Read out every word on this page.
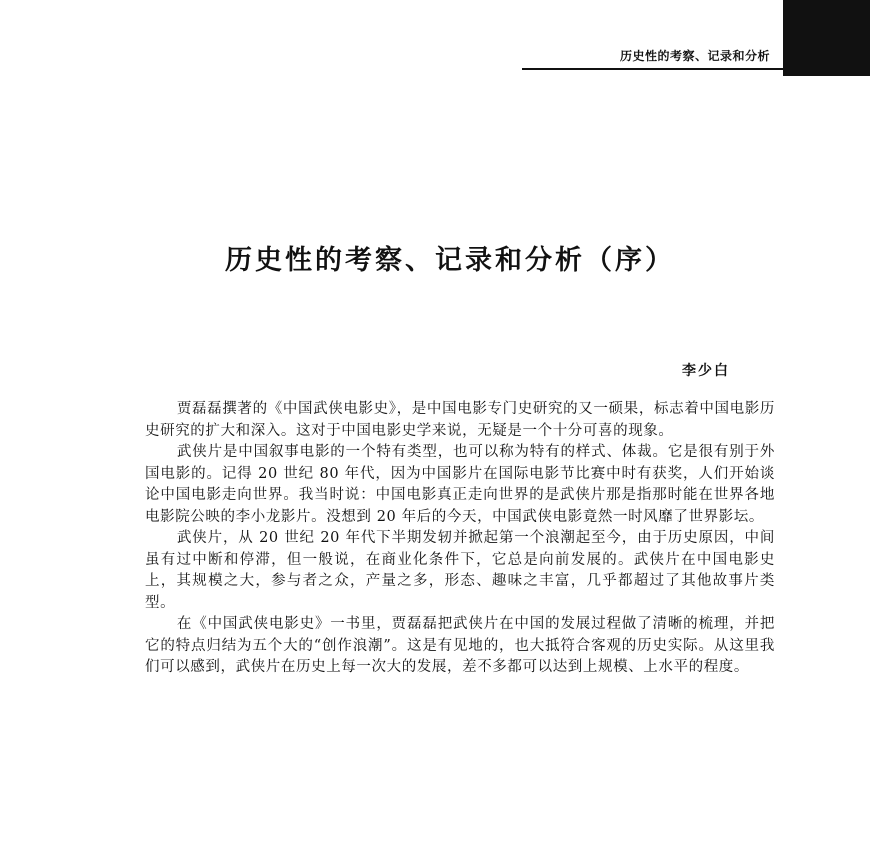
历史性的考察、记录和分析
历史性的考察、记录和分析（序）
李少白

贾磊磊撰著的《中国武侠电影史》，是中国电影专门史研究的又一硕果，标志着中国电影历史研究的扩大和深入。这对于中国电影史学来说，无疑是一个十分可喜的现象。

武侠片是中国叙事电影的一个特有类型，也可以称为特有的样式、体裁。它是很有别于外国电影的。记得 20 世纪 80 年代，因为中国影片在国际电影节比赛中时有获奖，人们开始谈论中国电影走向世界。我当时说：中国电影真正走向世界的是武侠片那是指那时能在世界各地电影院公映的李小龙影片。没想到 20 年后的今天，中国武侠电影竟然一时风靡了世界影坛。

武侠片，从 20 世纪 20 年代下半期发轫并掀起第一个浪潮起至今，由于历史原因，中间虽有过中断和停滞，但一般说，在商业化条件下，它总是向前发展的。武侠片在中国电影史上，其规模之大，参与者之众，产量之多，形态、趣味之丰富，几乎都超过了其他故事片类型。

在《中国武侠电影史》一书里，贾磊磊把武侠片在中国的发展过程做了清晰的梳理，并把它的特点归结为五个大的“创作浪潮”。这是有见地的，也大抵符合客观的历史实际。从这里我们可以感到，武侠片在历史上每一次大的发展，差不多都可以达到上规模、上水平的程度。
